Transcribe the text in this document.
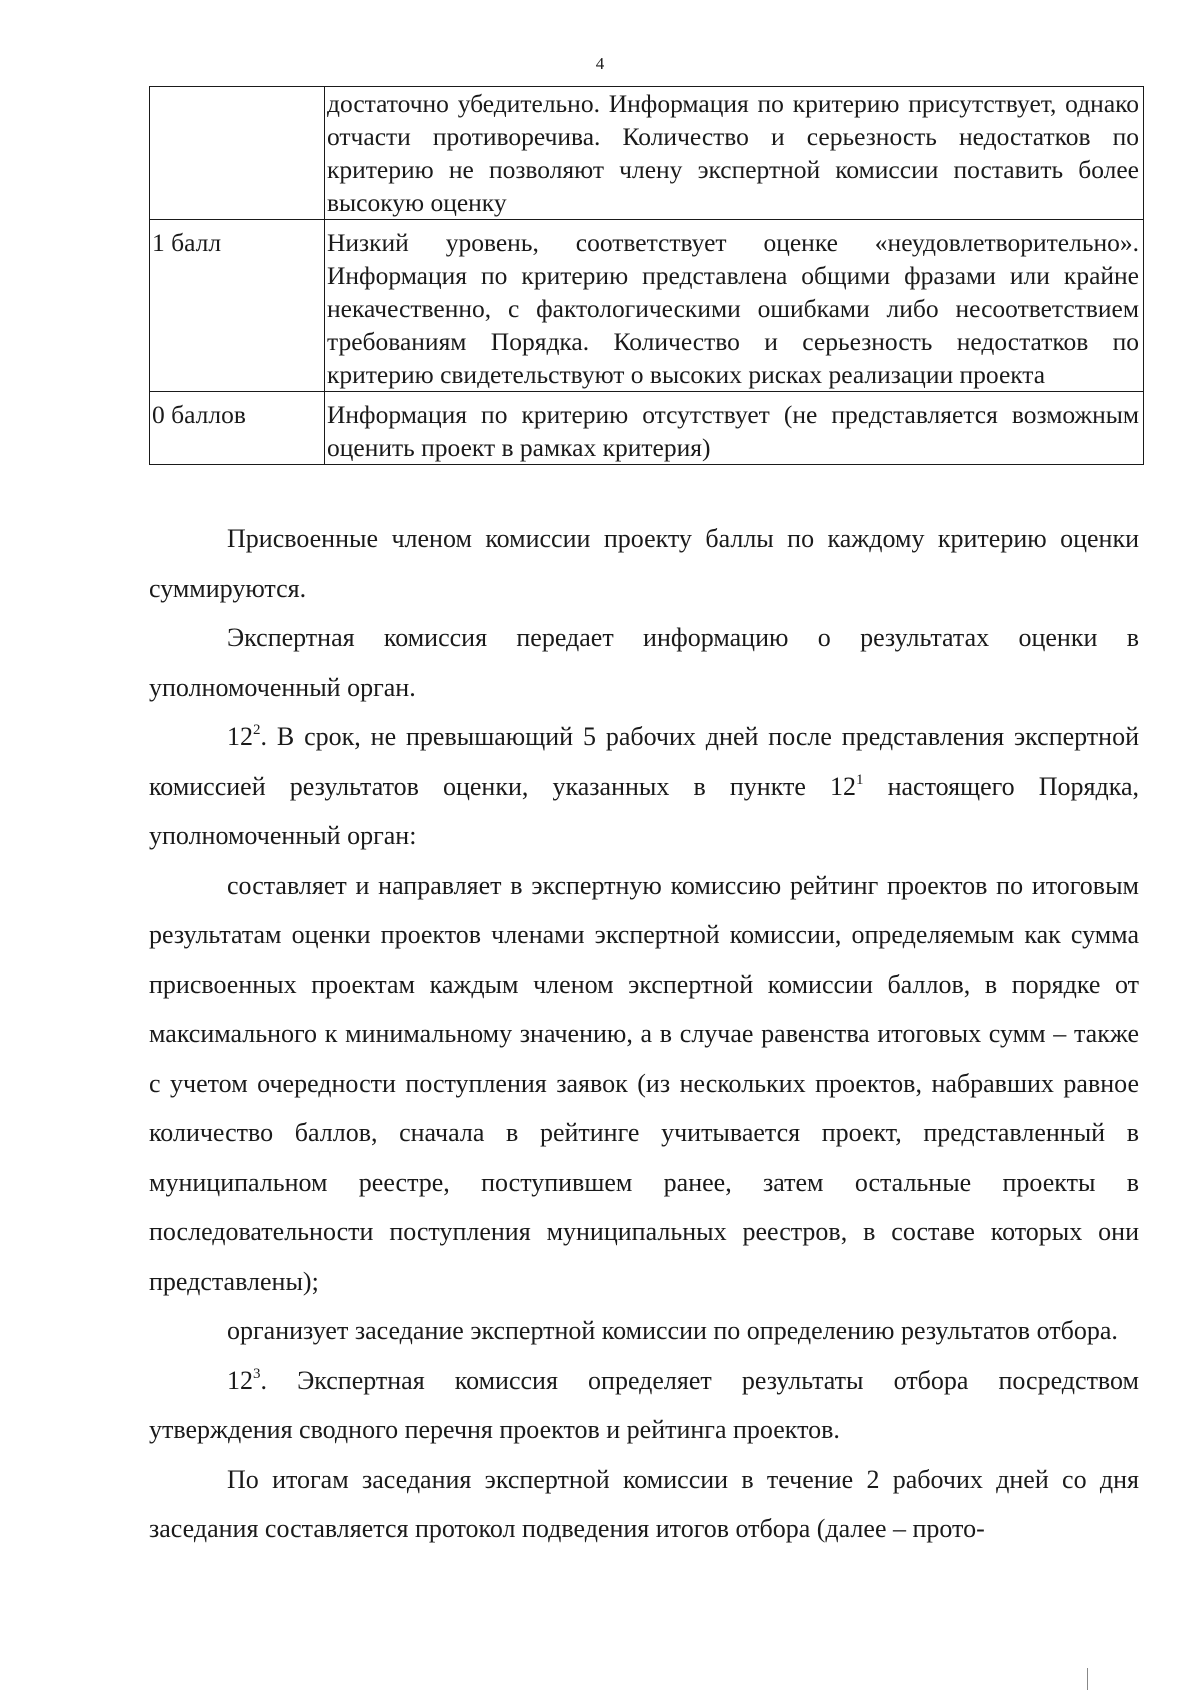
4
	достаточно убедительно. Информация по критерию присутствует, однако отчасти противоречива. Количество и серьезность недостатков по критерию не позволяют члену экспертной комиссии поставить более высокую оценку
1 балл	Низкий уровень, соответствует оценке «неудовлетворительно». Информация по критерию представлена общими фразами или крайне некачественно, с фактологическими ошибками либо несоответствием требованиям Порядка. Количество и серьезность недостатков по критерию свидетельствуют о высоких рисках реализации проекта
0 баллов	Информация по критерию отсутствует (не представляется возможным оценить проект в рамках критерия)

Присвоенные членом комиссии проекту баллы по каждому критерию оценки суммируются.

Экспертная комиссия передает информацию о результатах оценки в уполномоченный орган.

$12^2$. В срок, не превышающий 5 рабочих дней после представления экспертной комиссией результатов оценки, указанных в пункте $12^1$ настоящего Порядка, уполномоченный орган:

составляет и направляет в экспертную комиссию рейтинг проектов по итоговым результатам оценки проектов членами экспертной комиссии, определяемым как сумма присвоенных проектам каждым членом экспертной комиссии баллов, в порядке от максимального к минимальному значению, а в случае равенства итоговых сумм – также с учетом очередности поступления заявок (из нескольких проектов, набравших равное количество баллов, сначала в рейтинге учитывается проект, представленный в муниципальном реестре, поступившем ранее, затем остальные проекты в последовательности поступления муниципальных реестров, в составе которых они представлены);

организует заседание экспертной комиссии по определению результатов отбора.

$12^3$. Экспертная комиссия определяет результаты отбора посредством утверждения сводного перечня проектов и рейтинга проектов.

По итогам заседания экспертной комиссии в течение 2 рабочих дней со дня заседания составляется протокол подведения итогов отбора (далее – прото-
